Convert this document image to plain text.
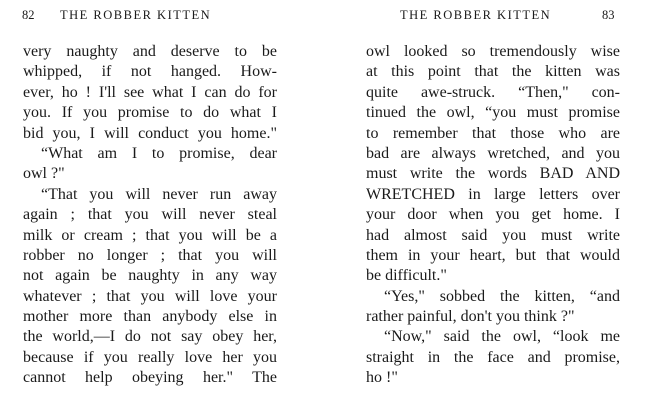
82 THE ROBBER KITTEN
very naughty and deserve to be
whipped, if not hanged. How-
ever, ho ! I'll see what I can do for
you. If you promise to do what I
bid you, I will conduct you home."
“What am I to promise, dear
owl ?"
“That you will never run away
again ; that you will never steal
milk or cream ; that you will be a
robber no longer ; that you will
not again be naughty in any way
whatever ; that you will love your
mother more than anybody else in
the world,—I do not say obey her,
because if you really love her you
cannot help obeying her." The
THE ROBBER KITTEN	83
owl looked so tremendously wise
at this point that the kitten was
quite awe-struck. “Then," con-
tinued the owl, “you must promise
to remember that those who are
bad are always wretched, and you
must write the words BAD AND
WRETCHED in large letters over
your door when you get home. I
had almost said you must write
them in your heart, but that would
be difficult."
“Yes," sobbed the kitten, “and
rather painful, don't you think ?"
“Now," said the owl, “look me
straight in the face and promise,
ho !"
